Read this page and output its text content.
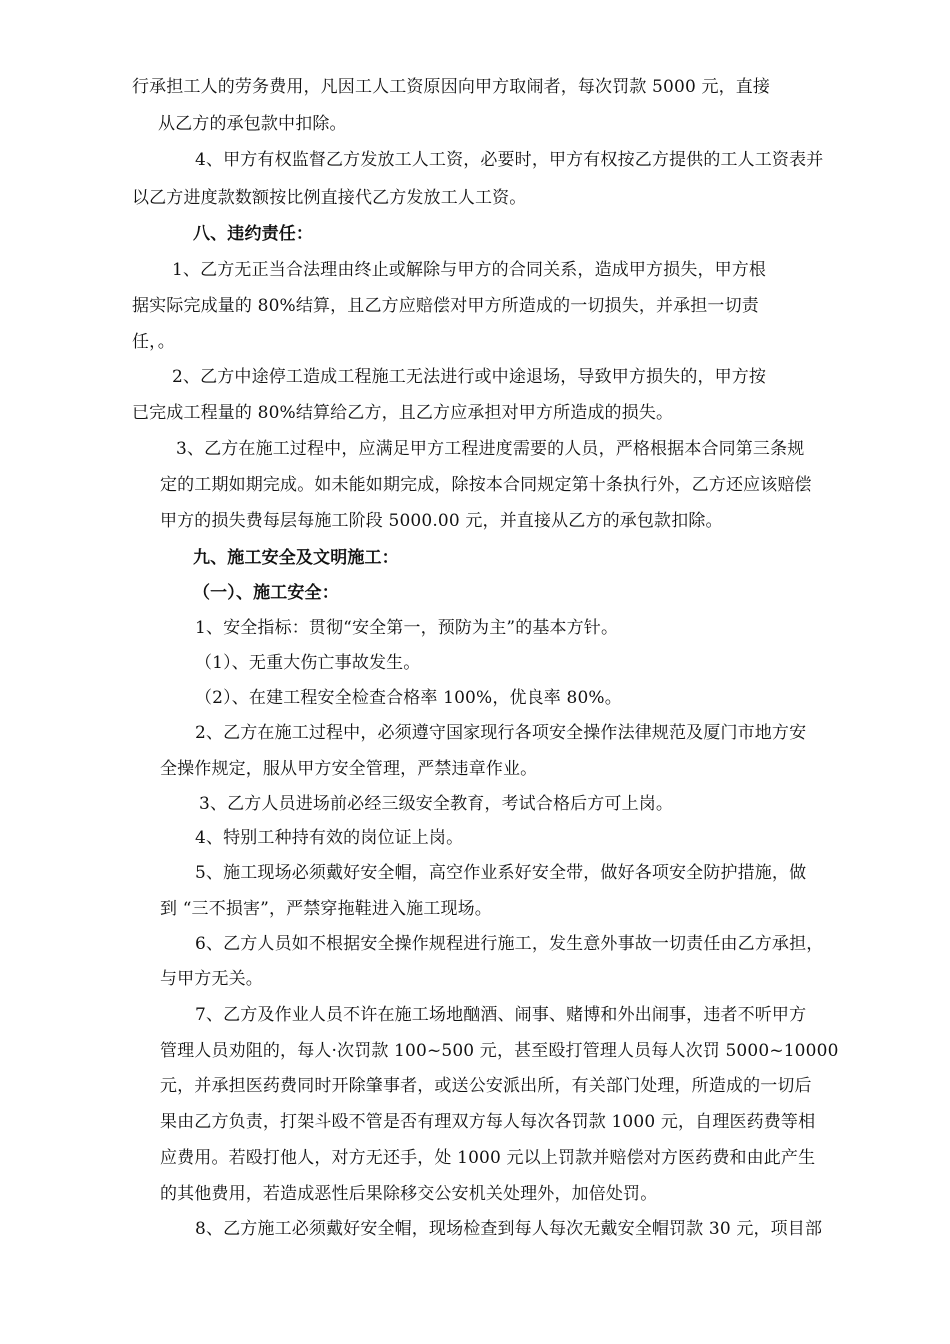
行承担工人的劳务费用，凡因工人工资原因向甲方取闹者，每次罚款 5000 元，直接
从乙方的承包款中扣除。
4、甲方有权监督乙方发放工人工资，必要时，甲方有权按乙方提供的工人工资表并
以乙方进度款数额按比例直接代乙方发放工人工资。
八、违约责任：
1、乙方无正当合法理由终止或解除与甲方的合同关系，造成甲方损失，甲方根
据实际完成量的 80%结算，且乙方应赔偿对甲方所造成的一切损失，并承担一切责
任，。
2、乙方中途停工造成工程施工无法进行或中途退场，导致甲方损失的，甲方按
已完成工程量的 80%结算给乙方，且乙方应承担对甲方所造成的损失。
3、乙方在施工过程中，应满足甲方工程进度需要的人员，严格根据本合同第三条规
定的工期如期完成。如未能如期完成，除按本合同规定第十条执行外，乙方还应该赔偿
甲方的损失费每层每施工阶段 5000.00 元，并直接从乙方的承包款扣除。
九、施工安全及文明施工：
（一）、施工安全：
1、安全指标：贯彻“安全第一，预防为主”的基本方针。
（1）、无重大伤亡事故发生。
（2）、在建工程安全检查合格率 100%，优良率 80%。
2、乙方在施工过程中，必须遵守国家现行各项安全操作法律规范及厦门市地方安
全操作规定，服从甲方安全管理，严禁违章作业。
3、乙方人员进场前必经三级安全教育，考试合格后方可上岗。
4、特别工种持有效的岗位证上岗。
5、施工现场必须戴好安全帽，高空作业系好安全带，做好各项安全防护措施，做
到 “三不损害”，严禁穿拖鞋进入施工现场。
6、乙方人员如不根据安全操作规程进行施工，发生意外事故一切责任由乙方承担，
与甲方无关。
7、乙方及作业人员不许在施工场地酗酒、闹事、赌博和外出闹事，违者不听甲方
管理人员劝阻的，每人·次罚款 100~500 元，甚至殴打管理人员每人次罚 5000~10000
元，并承担医药费同时开除肇事者，或送公安派出所，有关部门处理，所造成的一切后
果由乙方负责，打架斗殴不管是否有理双方每人每次各罚款 1000 元，自理医药费等相
应费用。若殴打他人，对方无还手，处 1000 元以上罚款并赔偿对方医药费和由此产生
的其他费用，若造成恶性后果除移交公安机关处理外，加倍处罚。
8、乙方施工必须戴好安全帽，现场检查到每人每次无戴安全帽罚款 30 元，项目部
